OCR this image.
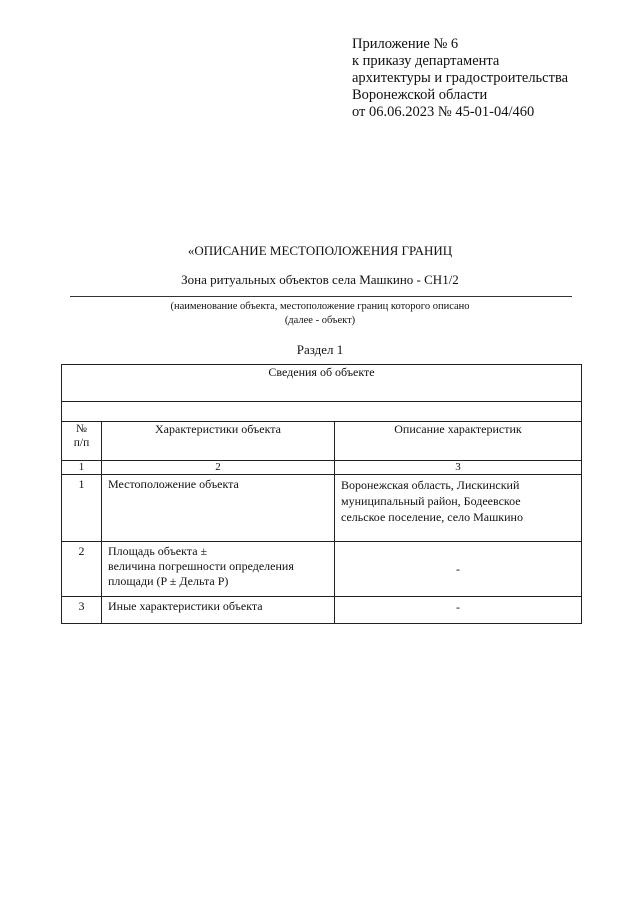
Приложение № 6
к приказу департамента
архитектуры и градостроительства
Воронежской области
от 06.06.2023 № 45-01-04/460
«ОПИСАНИЕ МЕСТОПОЛОЖЕНИЯ ГРАНИЦ
Зона ритуальных объектов села Машкино - СН1/2
(наименование объекта, местоположение границ которого описано
(далее - объект)
Раздел 1
Сведения об объекте		

№
п/п	Характеристики объекта	Описание характеристик
1	2	3
1	Местоположение объекта	Воронежская область, Лискинский
муниципальный район, Бодеевское
сельское поселение, село Машкино

2	Площадь объекта ±
величина погрешности определения
площади (P ± Дельта P)	-
3	Иные характеристики объекта	-
